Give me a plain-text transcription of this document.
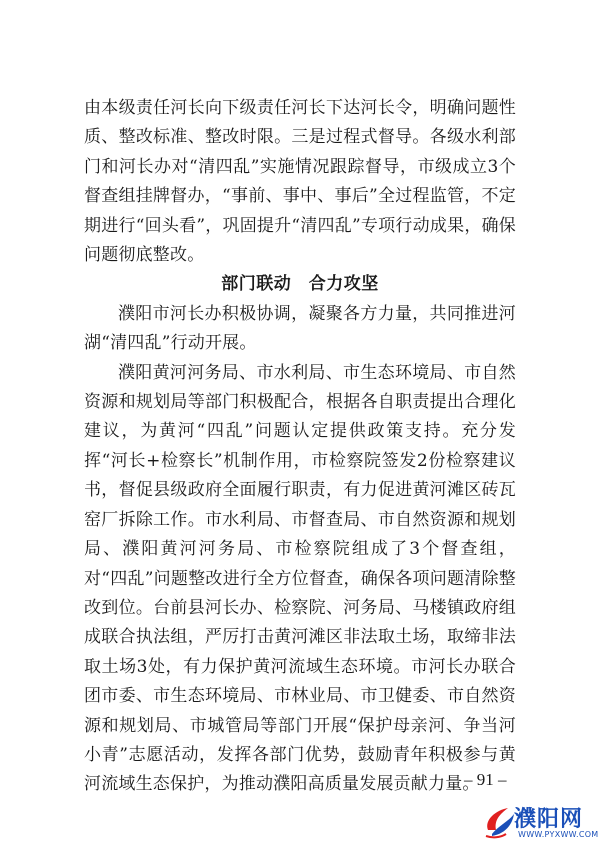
由本级责任河长向下级责任河长下达河长令，明确问题性质、整改标准、整改时限。三是过程式督导。各级水利部门和河长办对“清四乱”实施情况跟踪督导，市级成立3个督查组挂牌督办，“事前、事中、事后”全过程监管，不定期进行“回头看”，巩固提升“清四乱”专项行动成果，确保问题彻底整改。

部门联动　合力攻坚

濮阳市河长办积极协调，凝聚各方力量，共同推进河湖“清四乱”行动开展。

濮阳黄河河务局、市水利局、市生态环境局、市自然资源和规划局等部门积极配合，根据各自职责提出合理化建议，为黄河“四乱”问题认定提供政策支持。充分发挥“河长+检察长”机制作用，市检察院签发2份检察建议书，督促县级政府全面履行职责，有力促进黄河滩区砖瓦窑厂拆除工作。市水利局、市督查局、市自然资源和规划局、濮阳黄河河务局、市检察院组成了3个督查组，对“四乱”问题整改进行全方位督查，确保各项问题清除整改到位。台前县河长办、检察院、河务局、马楼镇政府组成联合执法组，严厉打击黄河滩区非法取土场，取缔非法取土场3处，有力保护黄河流域生态环境。市河长办联合团市委、市生态环境局、市林业局、市卫健委、市自然资源和规划局、市城管局等部门开展“保护母亲河、争当河小青”志愿活动，发挥各部门优势，鼓励青年积极参与黄河流域生态保护，为推动濮阳高质量发展贡献力量。

– 91 –
濮阳网
WWW.PYXWW.COM
